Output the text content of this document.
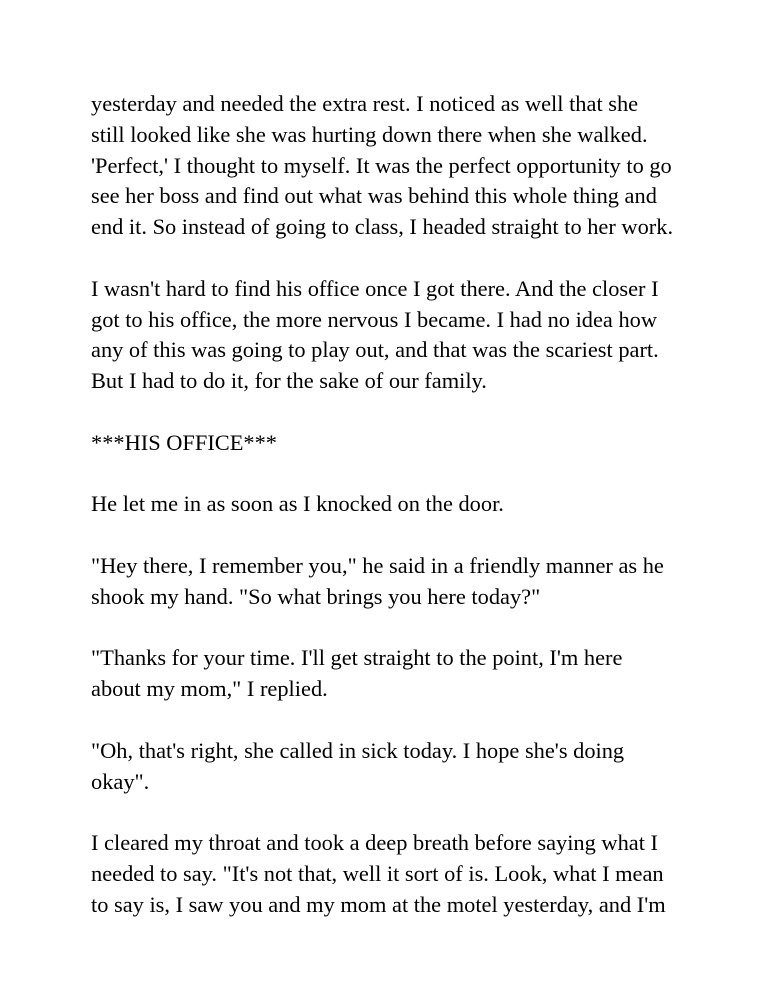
yesterday and needed the extra rest. I noticed as well that she
still looked like she was hurting down there when she walked.
'Perfect,' I thought to myself. It was the perfect opportunity to go
see her boss and find out what was behind this whole thing and
end it. So instead of going to class, I headed straight to her work.

I wasn't hard to find his office once I got there. And the closer I
got to his office, the more nervous I became. I had no idea how
any of this was going to play out, and that was the scariest part.
But I had to do it, for the sake of our family.

***HIS OFFICE***

He let me in as soon as I knocked on the door.

"Hey there, I remember you," he said in a friendly manner as he
shook my hand. "So what brings you here today?"

"Thanks for your time. I'll get straight to the point, I'm here
about my mom," I replied.

"Oh, that's right, she called in sick today. I hope she's doing
okay".

I cleared my throat and took a deep breath before saying what I
needed to say. "It's not that, well it sort of is. Look, what I mean
to say is, I saw you and my mom at the motel yesterday, and I'm
